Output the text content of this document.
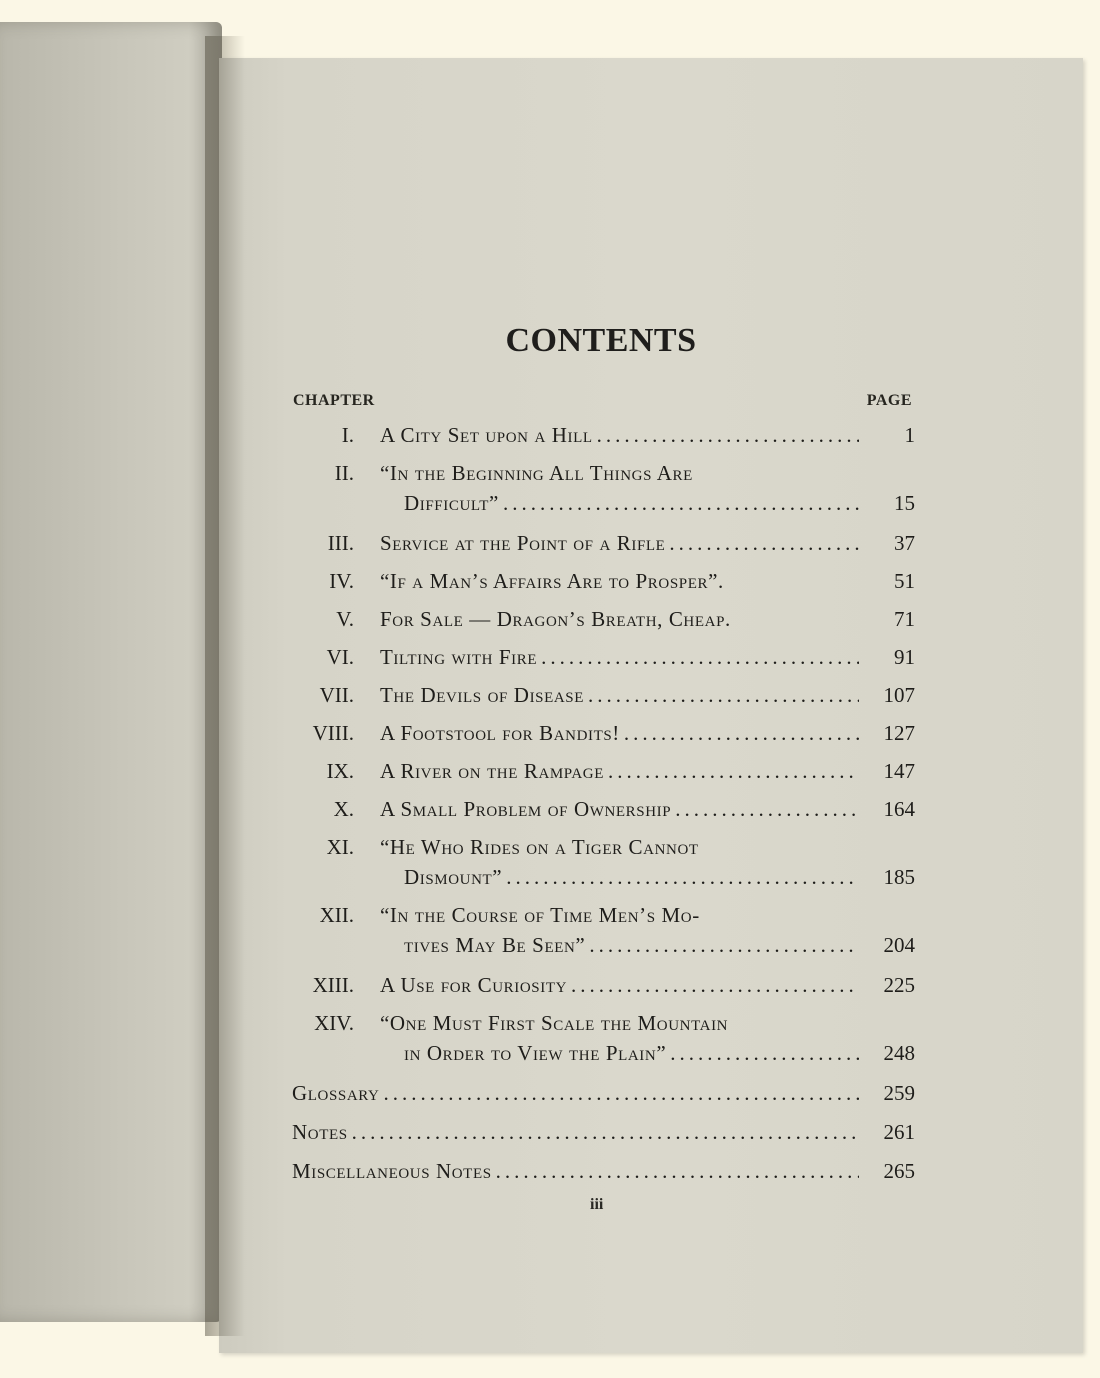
CONTENTS
CHAPTER	PAGE
I. A City Set upon a Hill .....	1
II. “In the Beginning All Things Are
Difficult” .....	15
III. Service at the Point of a Rifle .....	37
IV. “If a Man’s Affairs Are to Prosper”.	51
V. For Sale — Dragon’s Breath, Cheap.	71
VI. Tilting with Fire .....	91
VII. The Devils of Disease .....	107
VIII. A Footstool for Bandits! .....	127
IX. A River on the Rampage .....	147
X. A Small Problem of Ownership .....	164
XI. “He Who Rides on a Tiger Cannot
Dismount” .....	185
XII. “In the Course of Time Men’s Mo-
tives May Be Seen” .....	204
XIII. A Use for Curiosity .....	225
XIV. “One Must First Scale the Mountain
in Order to View the Plain” .....	248
Glossary .....	259
Notes .....	261
Miscellaneous Notes .....	265
iii
